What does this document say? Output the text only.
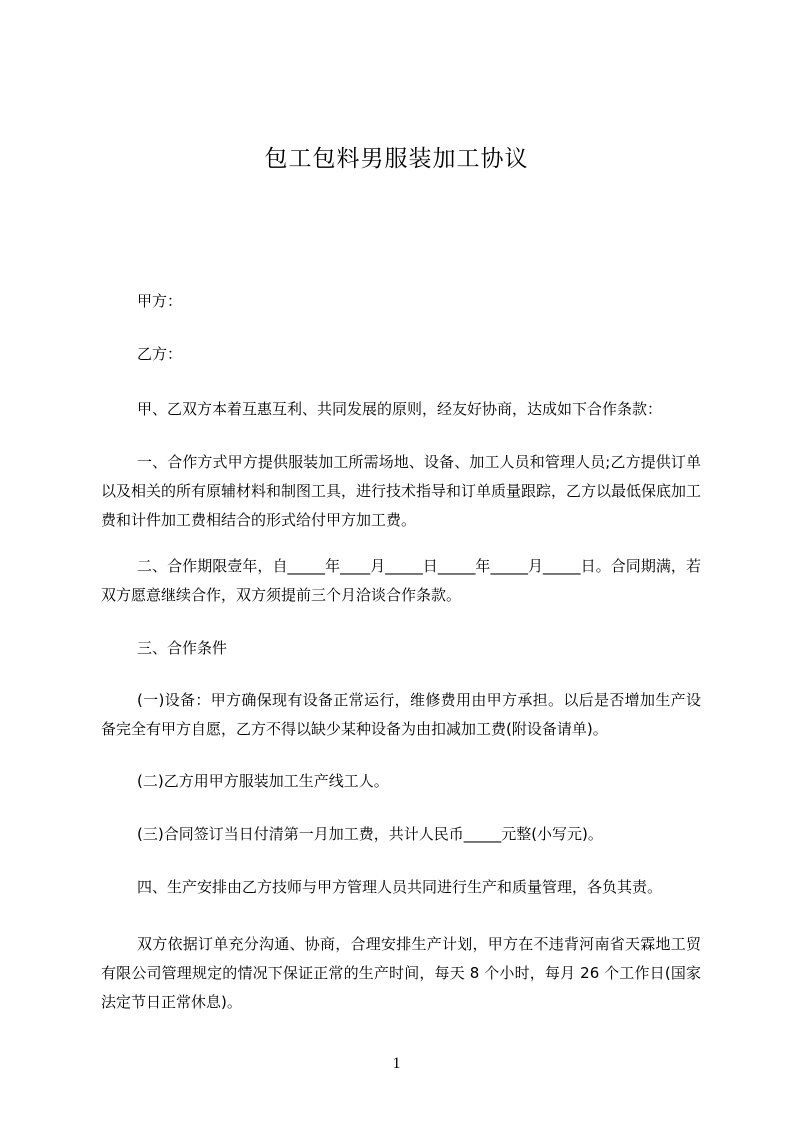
包工包料男服装加工协议

甲方：

乙方：

甲、乙双方本着互惠互利、共同发展的原则，经友好协商，达成如下合作条款：

一、合作方式甲方提供服装加工所需场地、设备、加工人员和管理人员;乙方提供订单以及相关的所有原辅材料和制图工具，进行技术指导和订单质量跟踪，乙方以最低保底加工费和计件加工费相结合的形式给付甲方加工费。

二、合作期限壹年，自_____年____月_____日_____年_____月_____日。合同期满，若双方愿意继续合作，双方须提前三个月洽谈合作条款。

三、合作条件

(一)设备：甲方确保现有设备正常运行，维修费用由甲方承担。以后是否增加生产设备完全有甲方自愿，乙方不得以缺少某种设备为由扣减加工费(附设备请单)。

(二)乙方用甲方服装加工生产线工人。

(三)合同签订当日付清第一月加工费，共计人民币_____元整(小写元)。

四、生产安排由乙方技师与甲方管理人员共同进行生产和质量管理，各负其责。

双方依据订单充分沟通、协商，合理安排生产计划，甲方在不违背河南省天霖地工贸有限公司管理规定的情况下保证正常的生产时间，每天 8 个小时，每月 26 个工作日(国家法定节日正常休息)。

1
